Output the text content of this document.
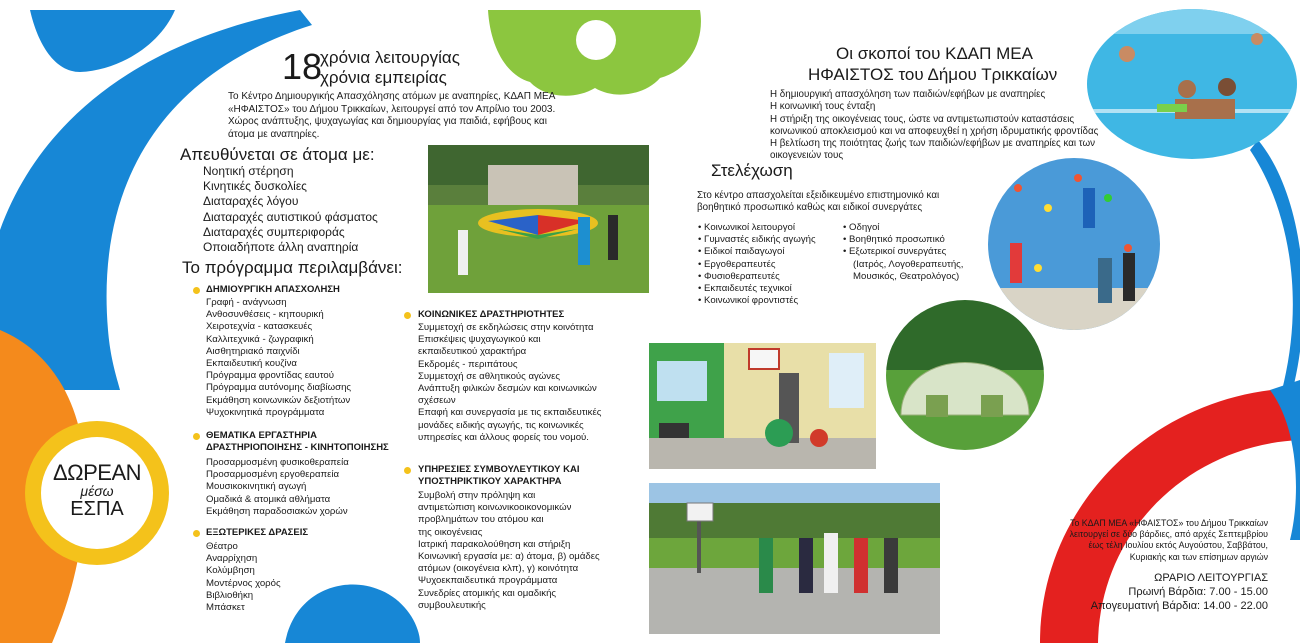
18
χρόνια λειτουργίας
χρόνια εμπειρίας
Το Κέντρο Δημιουργικής Απασχόλησης ατόμων με αναπηρίες, ΚΔΑΠ ΜΕΑ
«ΗΦΑΙΣΤΟΣ» του Δήμου Τρικκαίων, λειτουργεί από τον Απρίλιο του 2003.
Χώρος ανάπτυξης, ψυχαγωγίας και δημιουργίας για παιδιά, εφήβους και
άτομα με αναπηρίες.
Απευθύνεται σε άτομα με:
Νοητική στέρηση
Κινητικές δυσκολίες
Διαταραχές λόγου
Διαταραχές αυτιστικού φάσματος
Διαταραχές συμπεριφοράς
Οποιαδήποτε άλλη αναπηρία
Το πρόγραμμα περιλαμβάνει:
ΔΗΜΙΟΥΡΓΙΚΗ ΑΠΑΣΧΟΛΗΣΗ
Γραφή - ανάγνωση
Ανθοσυνθέσεις - κηπουρική
Χειροτεχνία - κατασκευές
Καλλιτεχνικά - ζωγραφική
Αισθητηριακό παιχνίδι
Εκπαιδευτική κουζίνα
Πρόγραμμα φροντίδας εαυτού
Πρόγραμμα αυτόνομης διαβίωσης
Εκμάθηση κοινωνικών δεξιοτήτων
Ψυχοκινητικά προγράμματα
ΘΕΜΑΤΙΚΑ ΕΡΓΑΣΤΗΡΙΑ
ΔΡΑΣΤΗΡΙΟΠΟΙΗΣΗΣ - ΚΙΝΗΤΟΠΟΙΗΣΗΣ
Προσαρμοσμένη φυσικοθεραπεία
Προσαρμοσμένη εργοθεραπεία
Μουσικοκινητική αγωγή
Ομαδικά & ατομικά αθλήματα
Εκμάθηση παραδοσιακών χορών
ΕΞΩΤΕΡΙΚΕΣ ΔΡΑΣΕΙΣ
Θέατρο
Αναρρίχηση
Κολύμβηση
Μοντέρνος χορός
Βιβλιοθήκη
Μπάσκετ
ΔΩΡΕΑΝ
μέσω
ΕΣΠΑ
ΚΟΙΝΩΝΙΚΕΣ ΔΡΑΣΤΗΡΙΟΤΗΤΕΣ
Συμμετοχή σε εκδηλώσεις στην κοινότητα
Επισκέψεις ψυχαγωγικού και
εκπαιδευτικού χαρακτήρα
Εκδρομές - περιπάτους
Συμμετοχή σε αθλητικούς αγώνες
Ανάπτυξη φιλικών δεσμών και κοινωνικών
σχέσεων
Επαφή και συνεργασία με τις εκπαιδευτικές
μονάδες ειδικής αγωγής, τις κοινωνικές
υπηρεσίες και άλλους φορείς του νομού.
ΥΠΗΡΕΣΙΕΣ ΣΥΜΒΟΥΛΕΥΤΙΚΟΥ ΚΑΙ
ΥΠΟΣΤΗΡΙΚΤΙΚΟΥ ΧΑΡΑΚΤΗΡΑ
Συμβολή στην πρόληψη και
αντιμετώπιση κοινωνικοοικονομικών
προβλημάτων του ατόμου και
της οικογένειας
Ιατρική παρακολούθηση και στήριξη
Κοινωνική εργασία με: α) άτομα, β) ομάδες
ατόμων (οικογένεια κλπ), γ) κοινότητα
Ψυχοεκπαιδευτικά προγράμματα
Συνεδρίες ατομικής και ομαδικής
συμβουλευτικής
Οι σκοποί του ΚΔΑΠ ΜΕΑ
ΗΦΑΙΣΤΟΣ του Δήμου Τρικκαίων
Η δημιουργική απασχόληση των παιδιών/εφήβων με αναπηρίες
Η κοινωνική τους ένταξη
Η στήριξη της οικογένειας τους, ώστε να αντιμετωπιστούν καταστάσεις
κοινωνικού αποκλεισμού και να αποφευχθεί η χρήση ιδρυματικής φροντίδας
Η βελτίωση της ποιότητας ζωής των παιδιών/εφήβων με αναπηρίες και των
οικογενειών τους
Στελέχωση
Στο κέντρο απασχολείται εξειδικευμένο επιστημονικό και
βοηθητικό προσωπικό καθώς και ειδικοί συνεργάτες
• Κοινωνικοί λειτουργοί
• Γυμναστές ειδικής αγωγής
• Ειδικοί παιδαγωγοί
• Εργοθεραπευτές
• Φυσιοθεραπευτές
• Εκπαιδευτές τεχνικοί
• Κοινωνικοί φροντιστές
• Οδηγοί
• Βοηθητικό προσωπικό
• Εξωτερικοί συνεργάτες
(Ιατρός, Λογοθεραπευτής,
Μουσικός, Θεατρολόγος)
Το ΚΔΑΠ ΜΕΑ «ΗΦΑΙΣΤΟΣ» του Δήμου Τρικκαίων
λειτουργεί σε δύο βάρδιες, από αρχές Σεπτεμβρίου
έως τέλη Ιουλίου εκτός Αυγούστου, Σαββάτου,
Κυριακής και των επίσημων αργιών
ΩΡΑΡΙΟ ΛΕΙΤΟΥΡΓΙΑΣ
Πρωινή Βάρδια: 7.00 - 15.00
Απογευματινή Βάρδια: 14.00 - 22.00
